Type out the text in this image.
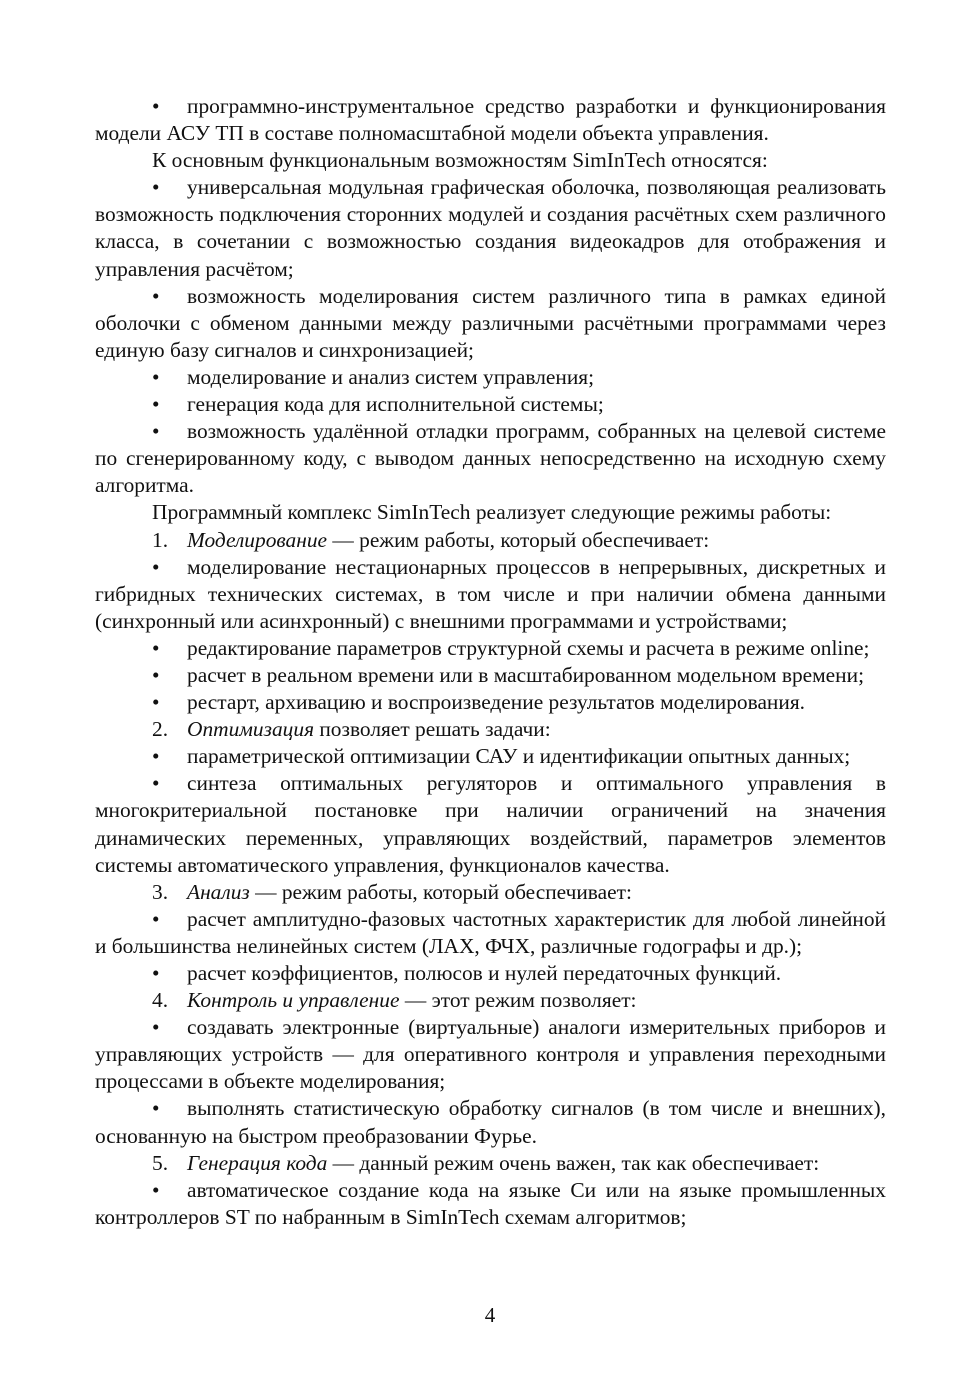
• программно-инструментальное средство разработки и функционирования модели АСУ ТП в составе полномасштабной модели объекта управления.

К основным функциональным возможностям SimInTech относятся:

• универсальная модульная графическая оболочка, позволяющая реализовать возможность подключения сторонних модулей и создания расчётных схем различного класса, в сочетании с возможностью создания видеокадров для отображения и управления расчётом;

• возможность моделирования систем различного типа в рамках единой оболочки с обменом данными между различными расчётными программами через единую базу сигналов и синхронизацией;

• моделирование и анализ систем управления;

• генерация кода для исполнительной системы;

• возможность удалённой отладки программ, собранных на целевой системе по сгенерированному коду, с выводом данных непосредственно на исходную схему алгоритма.

Программный комплекс SimInTech реализует следующие режимы работы:

1. Моделирование — режим работы, который обеспечивает:

• моделирование нестационарных процессов в непрерывных, дискретных и гибридных технических системах, в том числе и при наличии обмена данными (синхронный или асинхронный) с внешними программами и устройствами;

• редактирование параметров структурной схемы и расчета в режиме online;

• расчет в реальном времени или в масштабированном модельном времени;

• рестарт, архивацию и воспроизведение результатов моделирования.

2. Оптимизация позволяет решать задачи:

• параметрической оптимизации САУ и идентификации опытных данных;

• синтеза оптимальных регуляторов и оптимального управления в многокритериальной постановке при наличии ограничений на значения динамических переменных, управляющих воздействий, параметров элементов системы автоматического управления, функционалов качества.

3. Анализ — режим работы, который обеспечивает:

• расчет амплитудно-фазовых частотных характеристик для любой линейной и большинства нелинейных систем (ЛАХ, ФЧХ, различные годографы и др.);

• расчет коэффициентов, полюсов и нулей передаточных функций.

4. Контроль и управление — этот режим позволяет:

• создавать электронные (виртуальные) аналоги измерительных приборов и управляющих устройств — для оперативного контроля и управления переходными процессами в объекте моделирования;

• выполнять статистическую обработку сигналов (в том числе и внешних), основанную на быстром преобразовании Фурье.

5. Генерация кода — данный режим очень важен, так как обеспечивает:

• автоматическое создание кода на языке Си или на языке промышленных контроллеров ST по набранным в SimInTech схемам алгоритмов;

4
